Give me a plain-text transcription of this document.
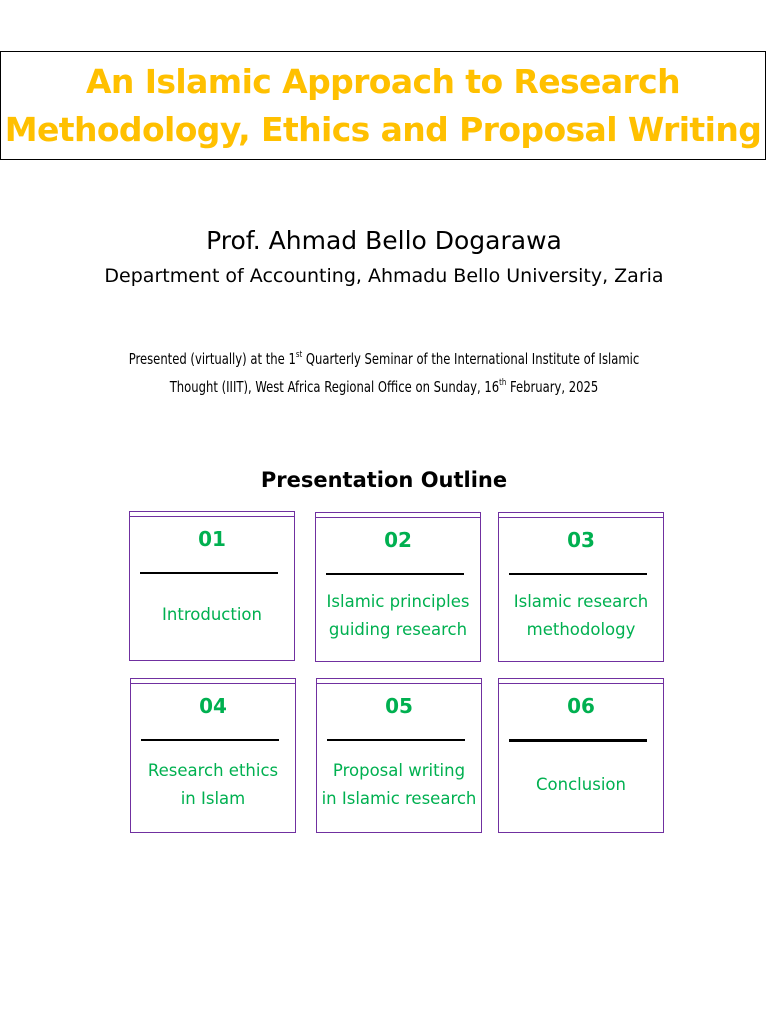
An Islamic Approach to Research
Methodology, Ethics and Proposal Writing
Prof. Ahmad Bello Dogarawa
Department of Accounting, Ahmadu Bello University, Zaria
Presented (virtually) at the 1st Quarterly Seminar of the International Institute of Islamic
Thought (IIIT), West Africa Regional Office on Sunday, 16th February, 2025
Presentation Outline
01
Introduction
02
Islamic principles
guiding research
03
Islamic research
methodology
04
Research ethics
in Islam
05
Proposal writing
in Islamic research
06
Conclusion
